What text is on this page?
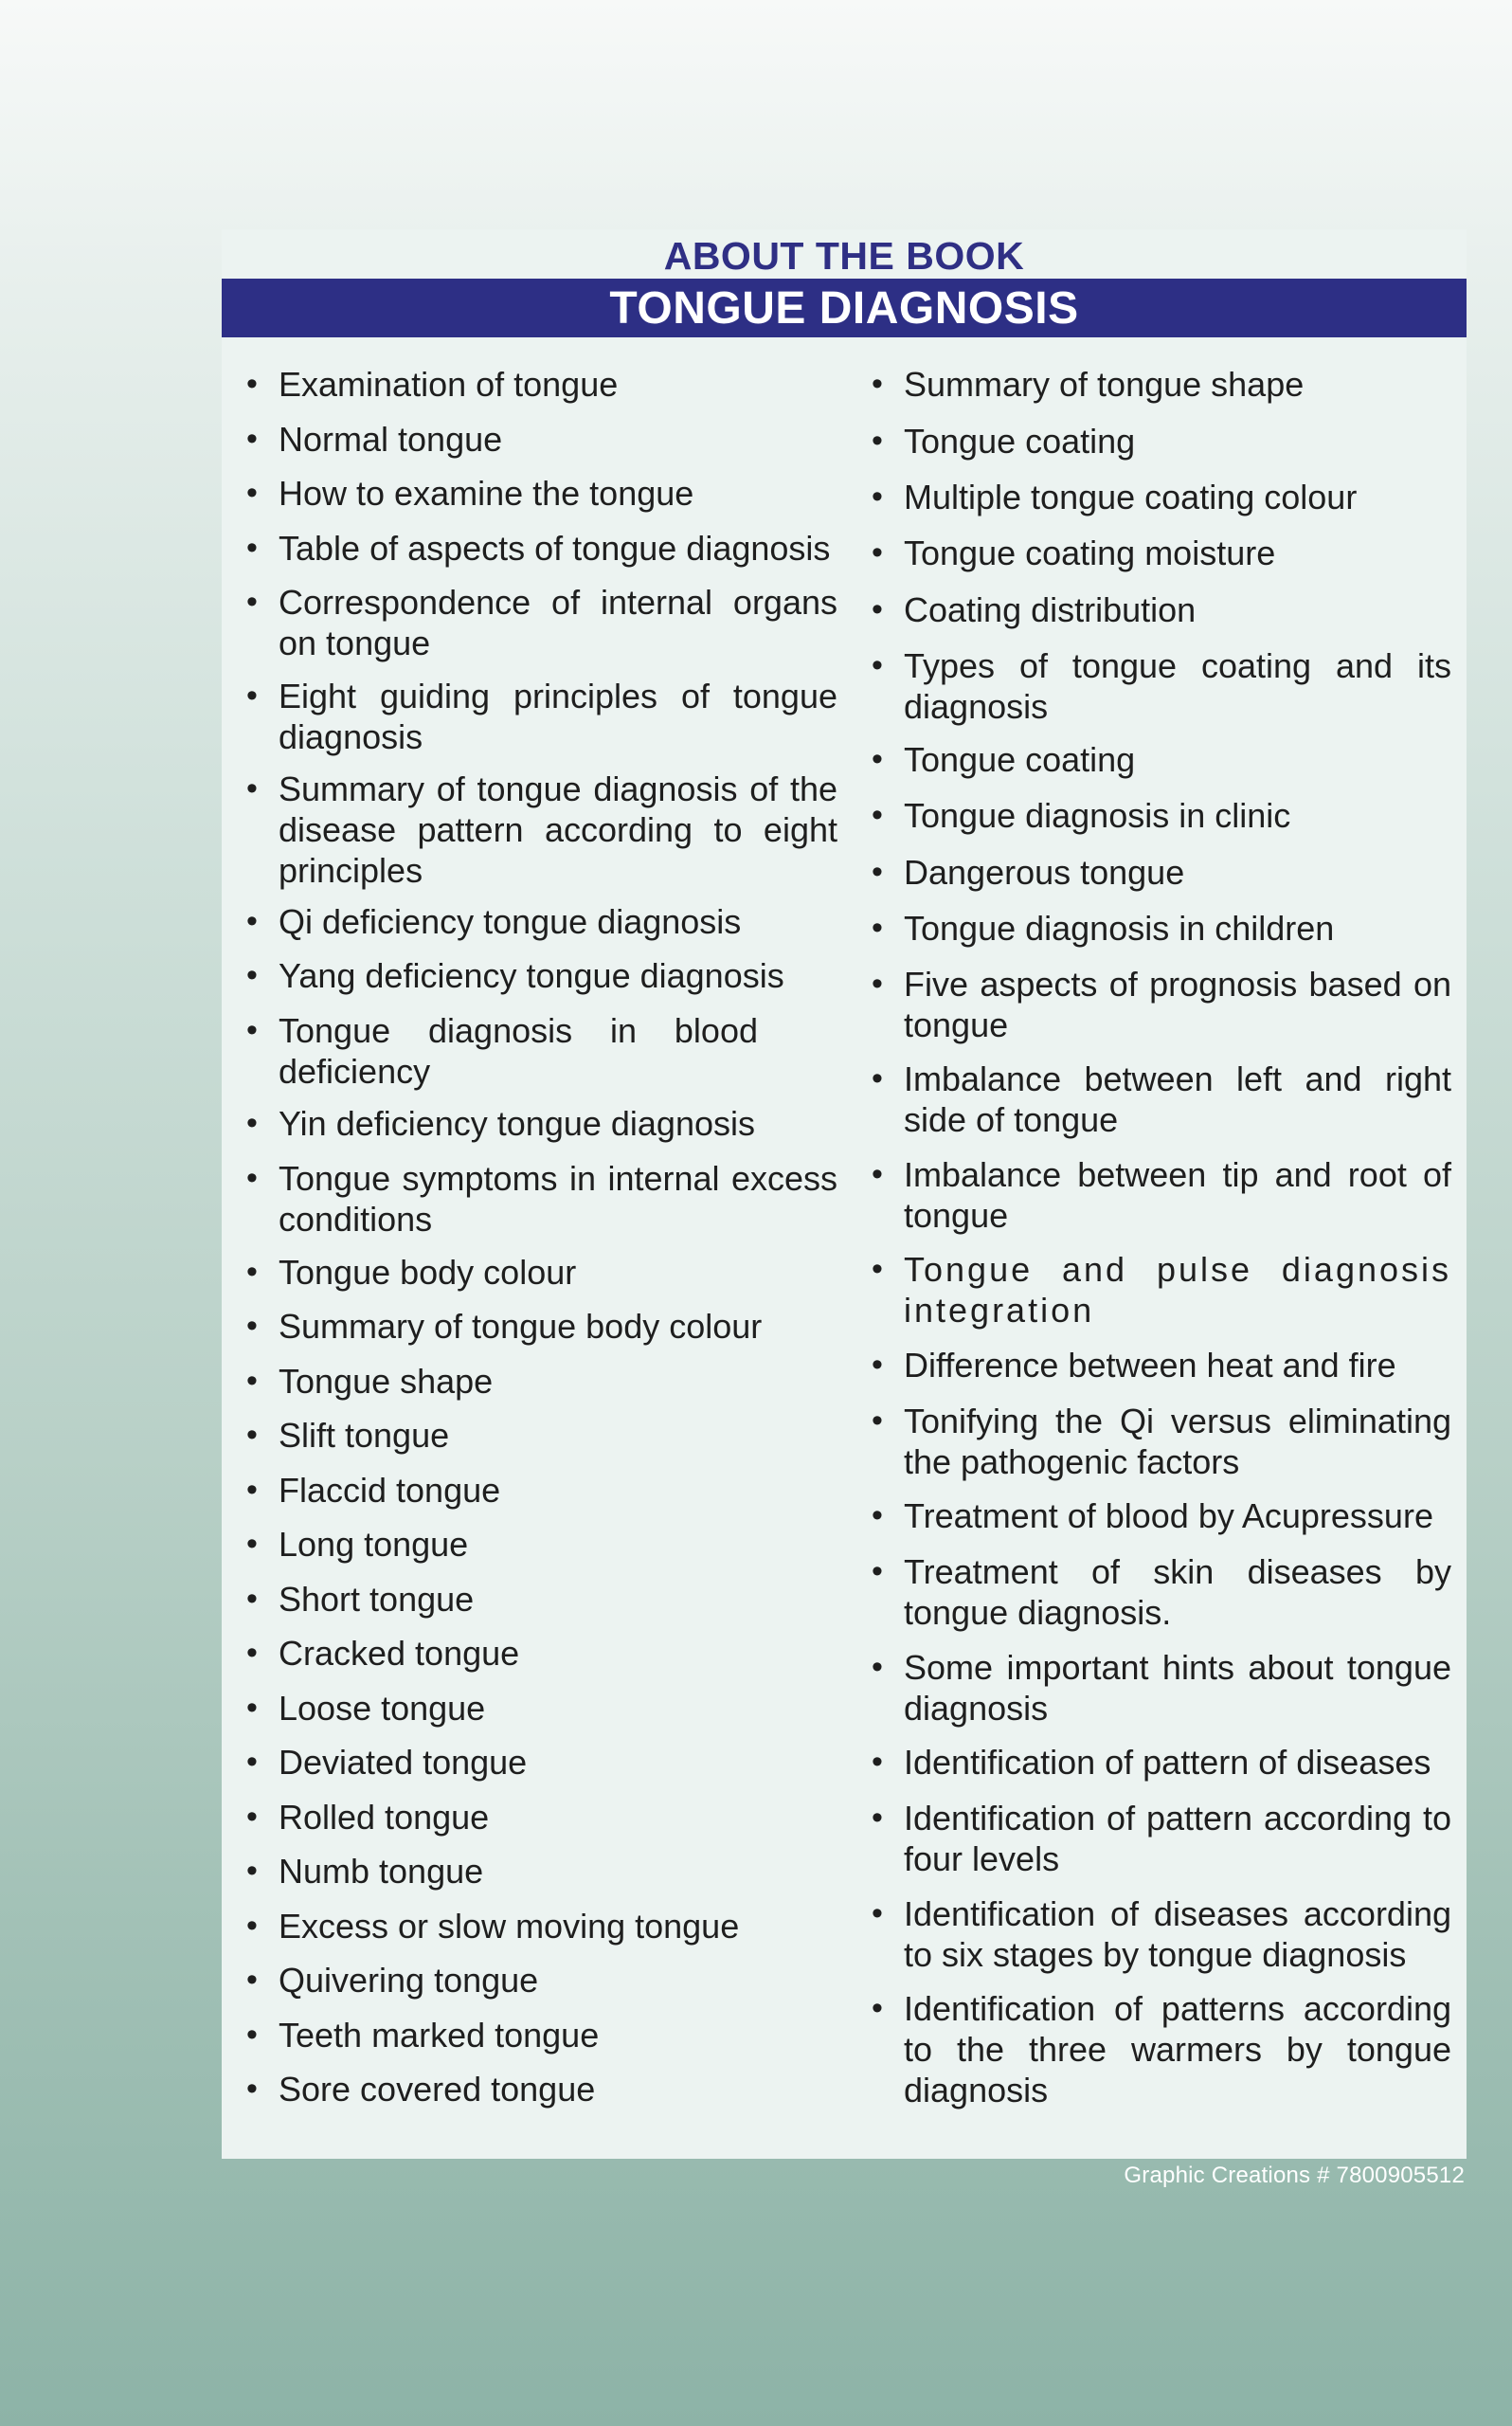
ABOUT THE BOOK
TONGUE DIAGNOSIS
• Examination of tongue
• Normal tongue
• How to examine the tongue
• Table of aspects of tongue diagnosis
• Correspondence of internal organs on tongue
• Eight guiding principles of tongue diagnosis
• Summary of tongue diagnosis of the disease pattern according to eight principles
• Qi deficiency tongue diagnosis
• Yang deficiency tongue diagnosis
• Tongue diagnosis in blood deficiency
• Yin deficiency tongue diagnosis
• Tongue symptoms in internal excess conditions
• Tongue body colour
• Summary of tongue body colour
• Tongue shape
• Slift tongue
• Flaccid tongue
• Long tongue
• Short tongue
• Cracked tongue
• Loose tongue
• Deviated tongue
• Rolled tongue
• Numb tongue
• Excess or slow moving tongue
• Quivering tongue
• Teeth marked tongue
• Sore covered tongue
• Summary of tongue shape
• Tongue coating
• Multiple tongue coating colour
• Tongue coating moisture
• Coating distribution
• Types of tongue coating and its diagnosis
• Tongue coating
• Tongue diagnosis in clinic
• Dangerous tongue
• Tongue diagnosis in children
• Five aspects of prognosis based on tongue
• Imbalance between left and right side of tongue
• Imbalance between tip and root of tongue
• Tongue and pulse diagnosis integration
• Difference between heat and fire
• Tonifying the Qi versus eliminating the pathogenic factors
• Treatment of blood by Acupressure
• Treatment of skin diseases by tongue diagnosis.
• Some important hints about tongue diagnosis
• Identification of pattern of diseases
• Identification of pattern according to four levels
• Identification of diseases according to six stages by tongue diagnosis
• Identification of patterns according to the three warmers by tongue diagnosis
Graphic Creations # 7800905512
